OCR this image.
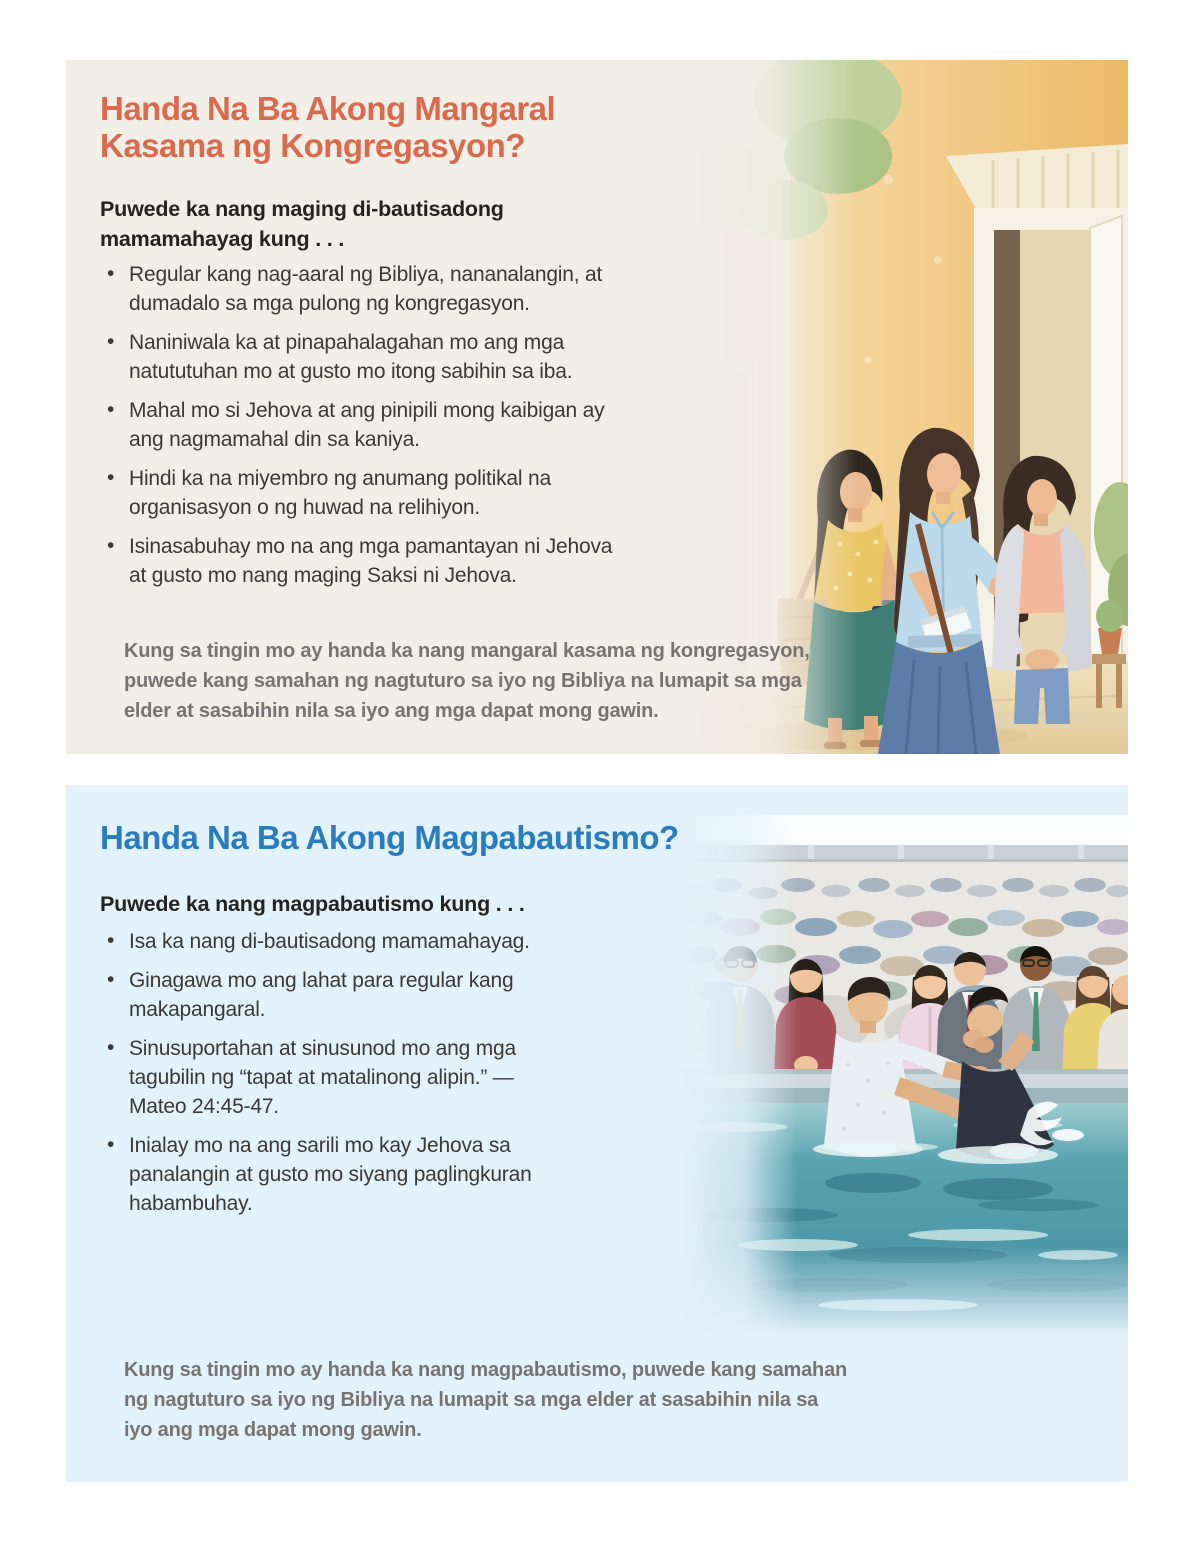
Handa Na Ba Akong Mangaral
Kasama ng Kongregasyon?
Puwede ka nang maging di-bautisadong
mamamahayag kung . . .
• Regular kang nag-aaral ng Bibliya, nananalangin, at dumadalo sa mga pulong ng kongregasyon.
• Naniniwala ka at pinapahalagahan mo ang mga natututuhan mo at gusto mo itong sabihin sa iba.
• Mahal mo si Jehova at ang pinipili mong kaibigan ay ang nagmamahal din sa kaniya.
• Hindi ka na miyembro ng anumang politikal na organisasyon o ng huwad na relihiyon.
• Isinasabuhay mo na ang mga pamantayan ni Jehova at gusto mo nang maging Saksi ni Jehova.

Kung sa tingin mo ay handa ka nang mangaral kasama ng kongregasyon,
puwede kang samahan ng nagtuturo sa iyo ng Bibliya na lumapit sa mga
elder at sasabihin nila sa iyo ang mga dapat mong gawin.

Handa Na Ba Akong Magpabautismo?
Puwede ka nang magpabautismo kung . . .
• Isa ka nang di-bautisadong mamamahayag.
• Ginagawa mo ang lahat para regular kang makapangaral.
• Sinusuportahan at sinusunod mo ang mga tagubilin ng “tapat at matalinong alipin.” —Mateo 24:45-47.
• Inialay mo na ang sarili mo kay Jehova sa panalangin at gusto mo siyang paglingkuran habambuhay.

Kung sa tingin mo ay handa ka nang magpabautismo, puwede kang samahan
ng nagtuturo sa iyo ng Bibliya na lumapit sa mga elder at sasabihin nila sa
iyo ang mga dapat mong gawin.
